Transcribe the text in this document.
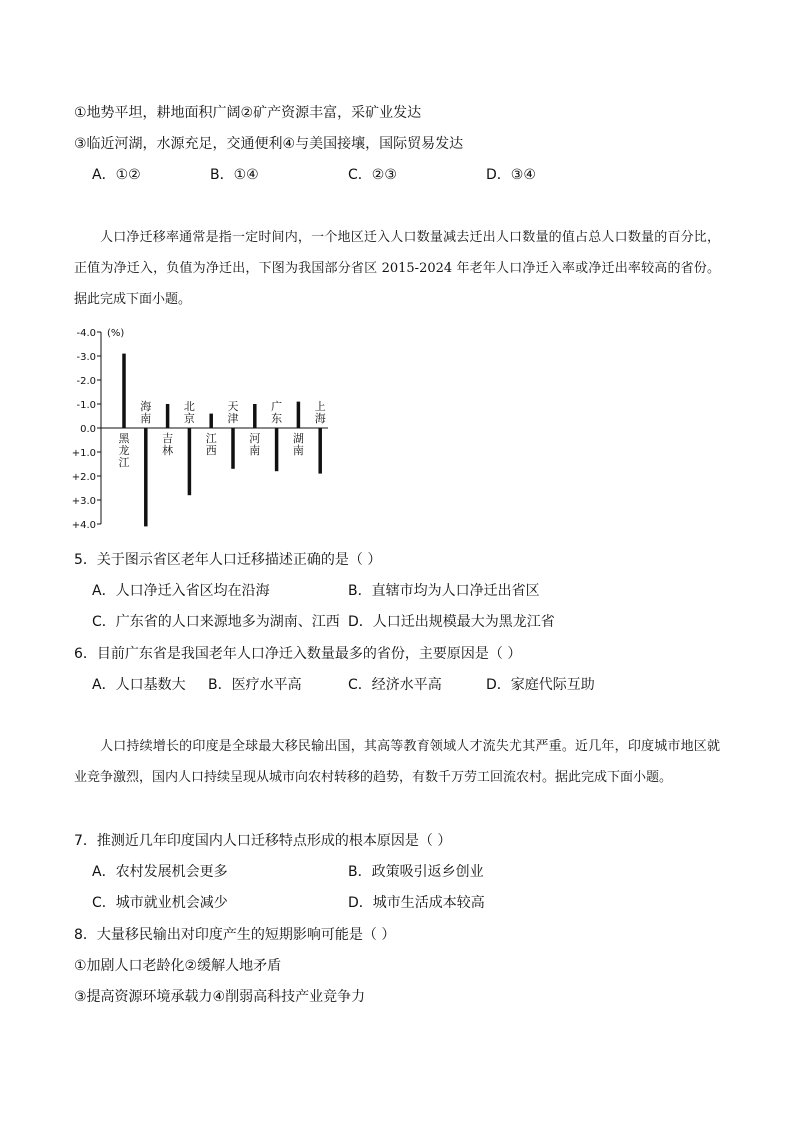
①地势平坦，耕地面积广阔②矿产资源丰富，采矿业发达
③临近河湖，水源充足，交通便利④与美国接壤，国际贸易发达
A．①②	B．①④	C．②③	D．③④
人口净迁移率通常是指一定时间内，一个地区迁入人口数量减去迁出人口数量的值占总人口数量的百分比，正值为净迁入，负值为净迁出，下图为我国部分省区 2015-2024 年老年人口净迁入率或净迁出率较高的省份。据此完成下面小题。
(%)
-4.0
-3.0
-2.0
-1.0
0.0
+1.0
+2.0
+3.0
+4.0
黑
龙
江
海
南
吉
林
北
京
江
西
天
津
河
南
广
东
湖
南
上
海
5．关于图示省区老年人口迁移描述正确的是（ ）
A．人口净迁入省区均在沿海	B．直辖市均为人口净迁出省区
C．广东省的人口来源地多为湖南、江西 D．人口迁出规模最大为黑龙江省
6．目前广东省是我国老年人口净迁入数量最多的省份，主要原因是（ ）
A．人口基数大 B．医疗水平高	C．经济水平高	D．家庭代际互助
人口持续增长的印度是全球最大移民输出国，其高等教育领域人才流失尤其严重。近几年，印度城市地区就业竞争激烈，国内人口持续呈现从城市向农村转移的趋势，有数千万劳工回流农村。据此完成下面小题。
7．推测近几年印度国内人口迁移特点形成的根本原因是（ ）
A．农村发展机会更多	B．政策吸引返乡创业
C．城市就业机会减少	D．城市生活成本较高
8．大量移民输出对印度产生的短期影响可能是（ ）
①加剧人口老龄化②缓解人地矛盾
③提高资源环境承载力④削弱高科技产业竞争力
